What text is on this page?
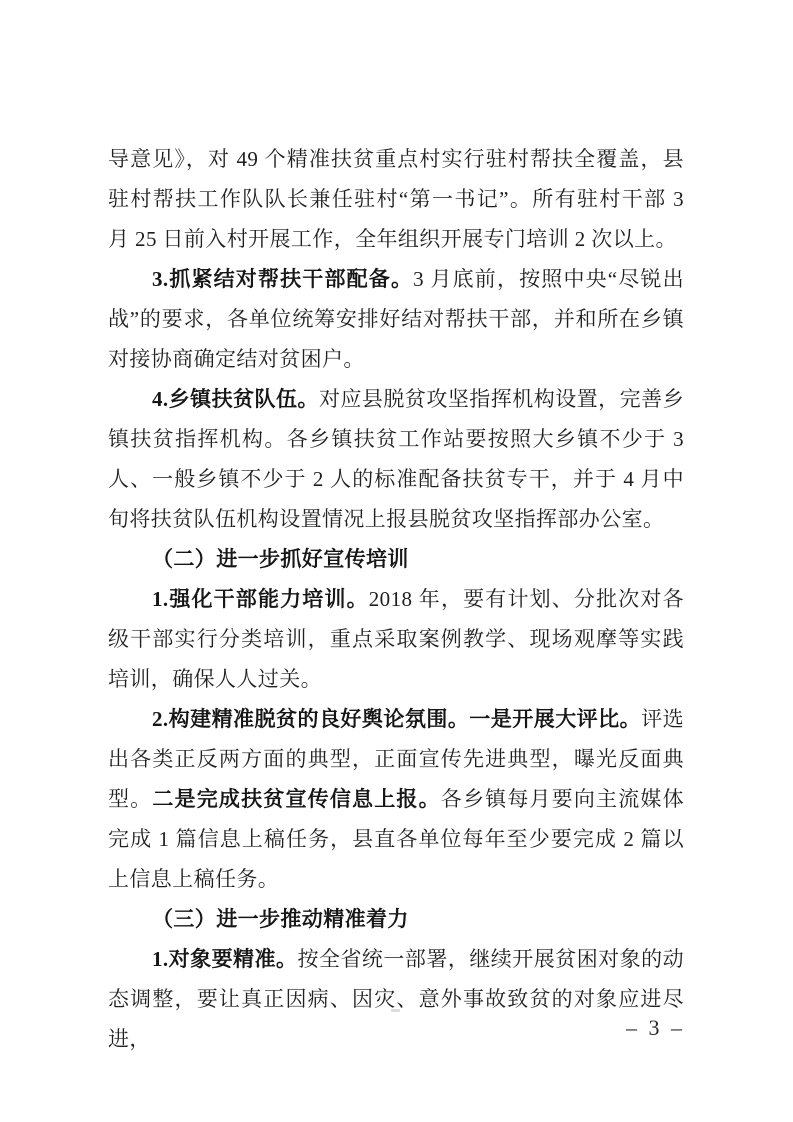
导意见》，对 49 个精准扶贫重点村实行驻村帮扶全覆盖，县驻村帮扶工作队队长兼任驻村“第一书记”。所有驻村干部 3 月 25 日前入村开展工作，全年组织开展专门培训 2 次以上。

3.抓紧结对帮扶干部配备。3 月底前，按照中央“尽锐出战”的要求，各单位统筹安排好结对帮扶干部，并和所在乡镇对接协商确定结对贫困户。

4.乡镇扶贫队伍。对应县脱贫攻坚指挥机构设置，完善乡镇扶贫指挥机构。各乡镇扶贫工作站要按照大乡镇不少于 3 人、一般乡镇不少于 2 人的标准配备扶贫专干，并于 4 月中旬将扶贫队伍机构设置情况上报县脱贫攻坚指挥部办公室。

（二）进一步抓好宣传培训

1.强化干部能力培训。2018 年，要有计划、分批次对各级干部实行分类培训，重点采取案例教学、现场观摩等实践培训，确保人人过关。

2.构建精准脱贫的良好舆论氛围。一是开展大评比。评选出各类正反两方面的典型，正面宣传先进典型，曝光反面典型。二是完成扶贫宣传信息上报。各乡镇每月要向主流媒体完成 1 篇信息上稿任务，县直各单位每年至少要完成 2 篇以上信息上稿任务。

（三）进一步推动精准着力

1.对象要精准。按全省统一部署，继续开展贫困对象的动态调整，要让真正因病、因灾、意外事故致贫的对象应进尽进，	– 3 –
